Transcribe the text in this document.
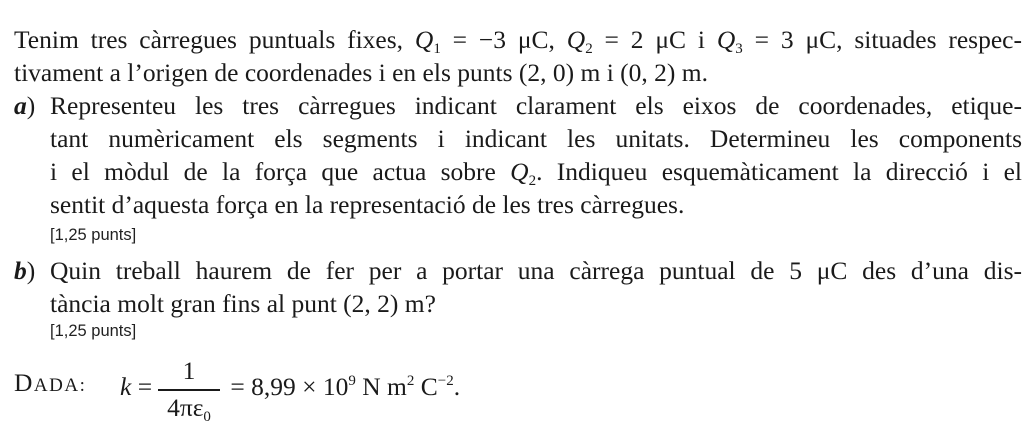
Tenim tres càrregues puntuals fixes, $Q_1 = -3$ μC, $Q_2 = 2$ μC i $Q_3 = 3$ μC, situades respec-
tivament a l’origen de coordenades i en els punts (2, 0) m i (0, 2) m.
a) Representeu les tres càrregues indicant clarament els eixos de coordenades, etique-
tant numèricament els segments i indicant les unitats. Determineu les components
i el mòdul de la força que actua sobre $Q_2$. Indiqueu esquemàticament la direcció i el
sentit d’aquesta força en la representació de les tres càrregues.
[1,25 punts]
b) Quin treball haurem de fer per a portar una càrrega puntual de 5 μC des d’una dis-
tància molt gran fins al punt (2, 2) m?
[1,25 punts]
DADA: k =
1
$4\pi\varepsilon_0$
= $8,99 \times 10^9$ N $m^2$ $C^{-2}$.
